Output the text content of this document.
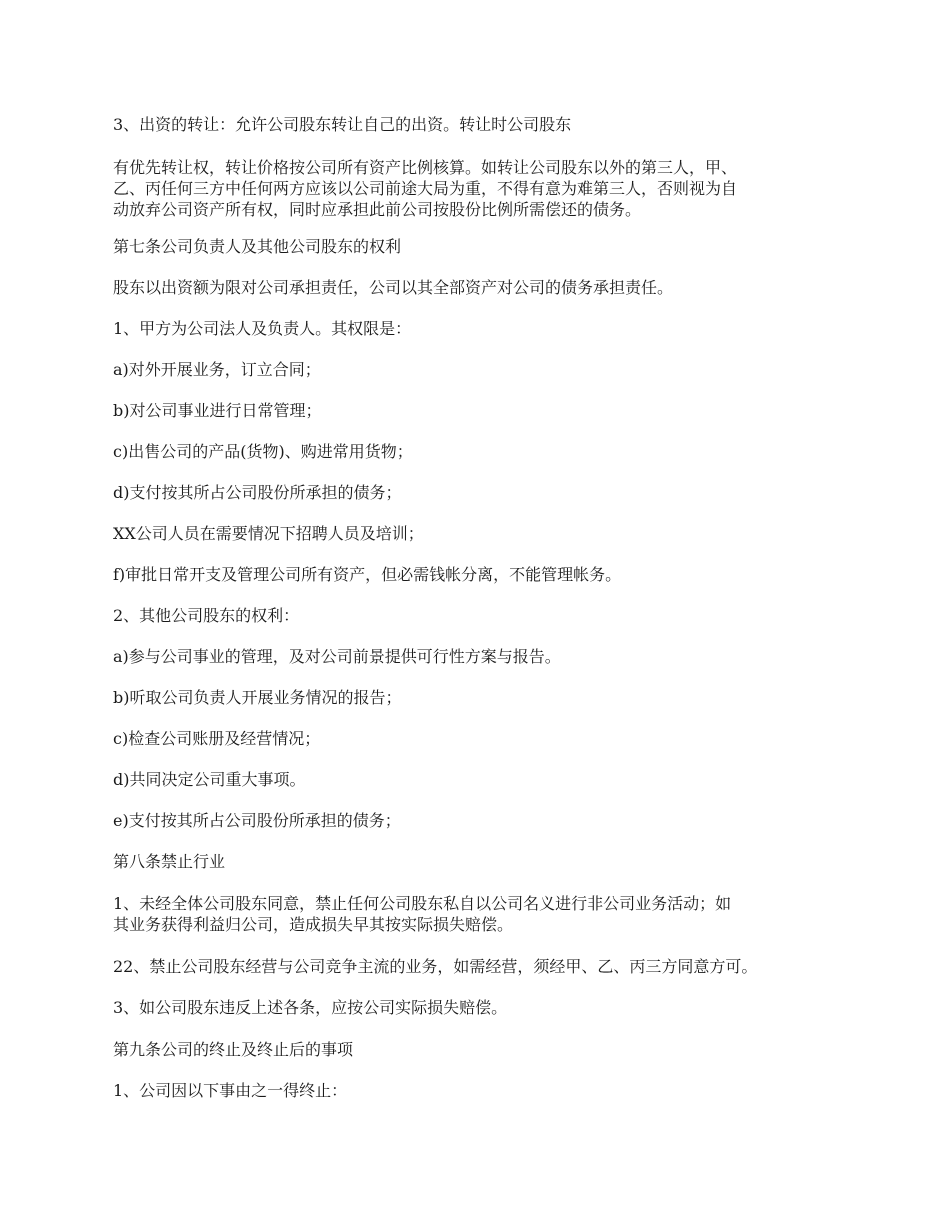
3、出资的转让：允许公司股东转让自己的出资。转让时公司股东

有优先转让权，转让价格按公司所有资产比例核算。如转让公司股东以外的第三人，甲、
乙、丙任何三方中任何两方应该以公司前途大局为重，不得有意为难第三人，否则视为自
动放弃公司资产所有权，同时应承担此前公司按股份比例所需偿还的债务。

第七条公司负责人及其他公司股东的权利

股东以出资额为限对公司承担责任，公司以其全部资产对公司的债务承担责任。

1、甲方为公司法人及负责人。其权限是：

a)对外开展业务，订立合同；

b)对公司事业进行日常管理；

c)出售公司的产品(货物)、购进常用货物；

d)支付按其所占公司股份所承担的债务；

XX公司人员在需要情况下招聘人员及培训；

f)审批日常开支及管理公司所有资产，但必需钱帐分离，不能管理帐务。

2、其他公司股东的权利：

a)参与公司事业的管理，及对公司前景提供可行性方案与报告。

b)听取公司负责人开展业务情况的报告；

c)检查公司账册及经营情况；

d)共同决定公司重大事项。

e)支付按其所占公司股份所承担的债务；

第八条禁止行业

1、未经全体公司股东同意，禁止任何公司股东私自以公司名义进行非公司业务活动；如
其业务获得利益归公司，造成损失早其按实际损失赔偿。

22、禁止公司股东经营与公司竞争主流的业务，如需经营，须经甲、乙、丙三方同意方可。

3、如公司股东违反上述各条，应按公司实际损失赔偿。

第九条公司的终止及终止后的事项

1、公司因以下事由之一得终止：
